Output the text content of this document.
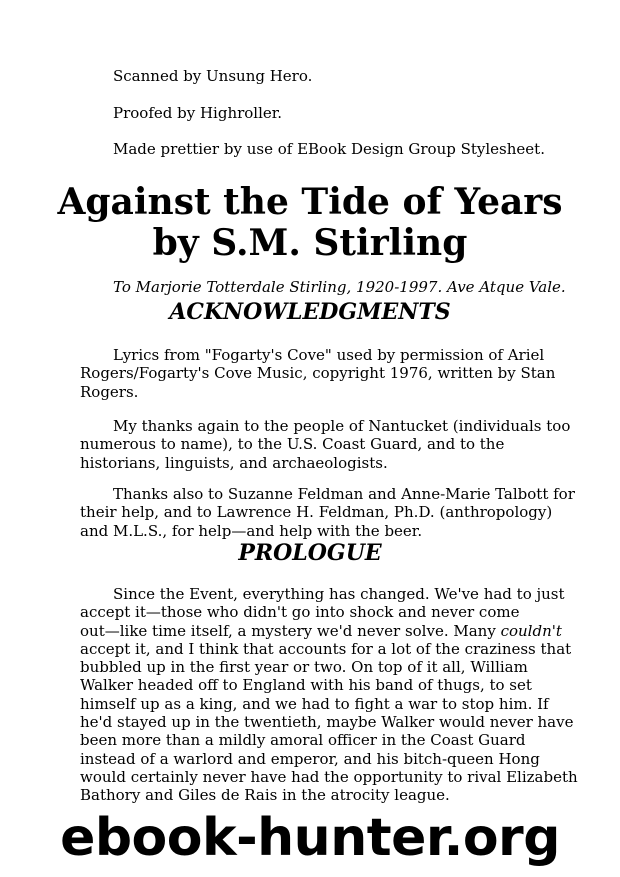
Scanned by Unsung Hero.
Proofed by Highroller.
Made prettier by use of EBook Design Group Stylesheet.
Against the Tide of Years
by S.M. Stirling
To Marjorie Totterdale Stirling, 1920-1997. Ave Atque Vale.
ACKNOWLEDGMENTS
Lyrics from "Fogarty's Cove" used by permission of Ariel
Rogers/Fogarty's Cove Music, copyright 1976, written by Stan
Rogers.
My thanks again to the people of Nantucket (individuals too
numerous to name), to the U.S. Coast Guard, and to the
historians, linguists, and archaeologists.
Thanks also to Suzanne Feldman and Anne-Marie Talbott for
their help, and to Lawrence H. Feldman, Ph.D. (anthropology)
and M.L.S., for help—and help with the beer.
PROLOGUE
Since the Event, everything has changed. We've had to just
accept it—those who didn't go into shock and never come
out—like time itself, a mystery we'd never solve. Many couldn't
accept it, and I think that accounts for a lot of the craziness that
bubbled up in the first year or two. On top of it all, William
Walker headed off to England with his band of thugs, to set
himself up as a king, and we had to fight a war to stop him. If
he'd stayed up in the twentieth, maybe Walker would never have
been more than a mildly amoral officer in the Coast Guard
instead of a warlord and emperor, and his bitch-queen Hong
would certainly never have had the opportunity to rival Elizabeth
Bathory and Giles de Rais in the atrocity league.
ebook-hunter.org
